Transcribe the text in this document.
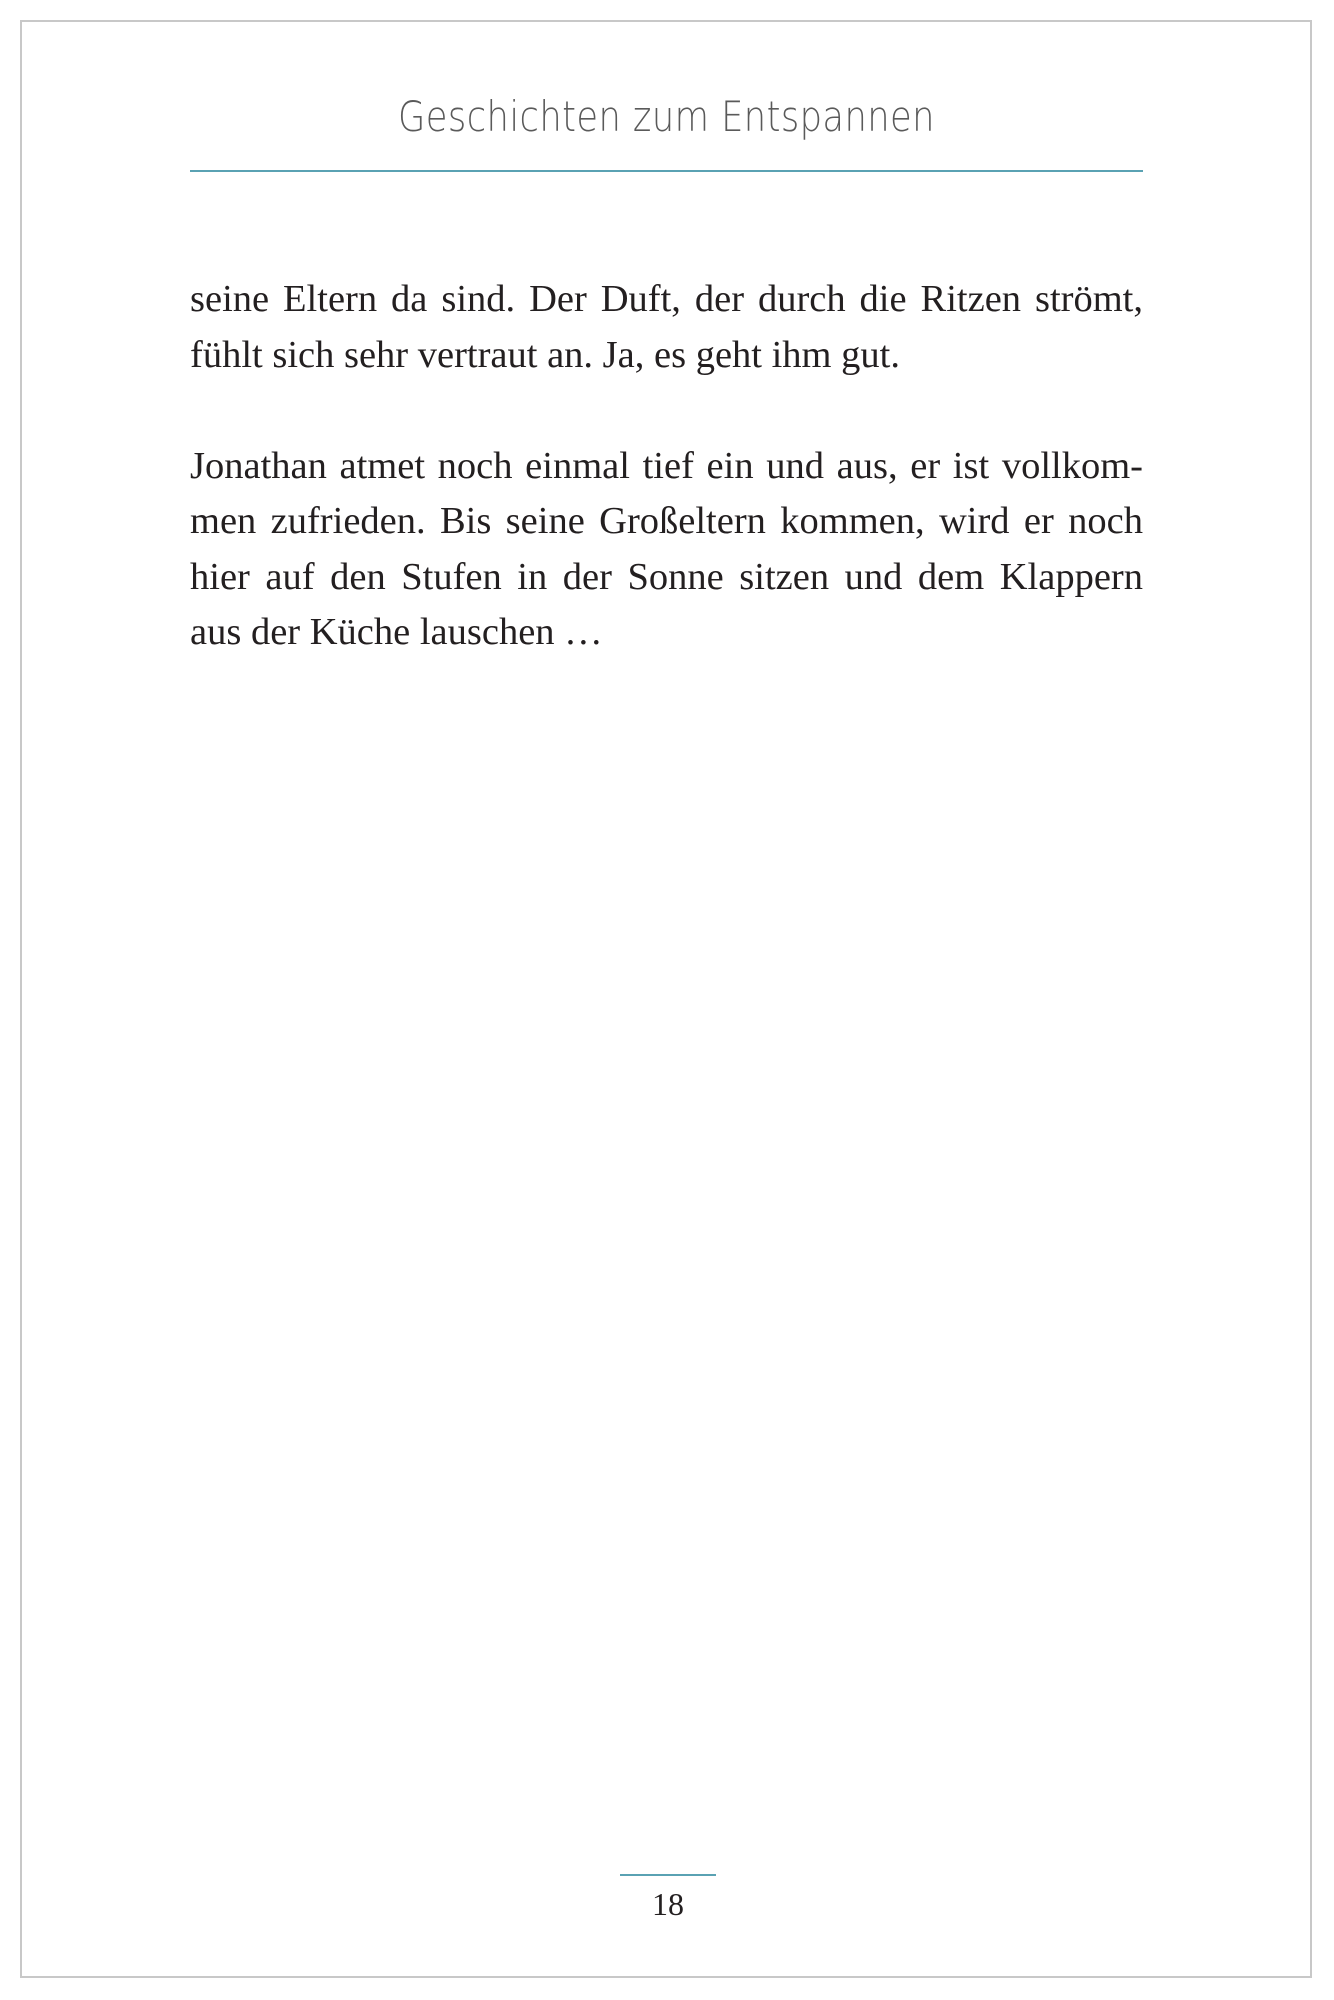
Geschichten zum Entspannen

seine Eltern da sind. Der Duft, der durch die Ritzen strömt,
fühlt sich sehr vertraut an. Ja, es geht ihm gut.

Jonathan atmet noch einmal tief ein und aus, er ist vollkom-
men zufrieden. Bis seine Großeltern kommen, wird er noch
hier auf den Stufen in der Sonne sitzen und dem Klappern
aus der Küche lauschen …

18
